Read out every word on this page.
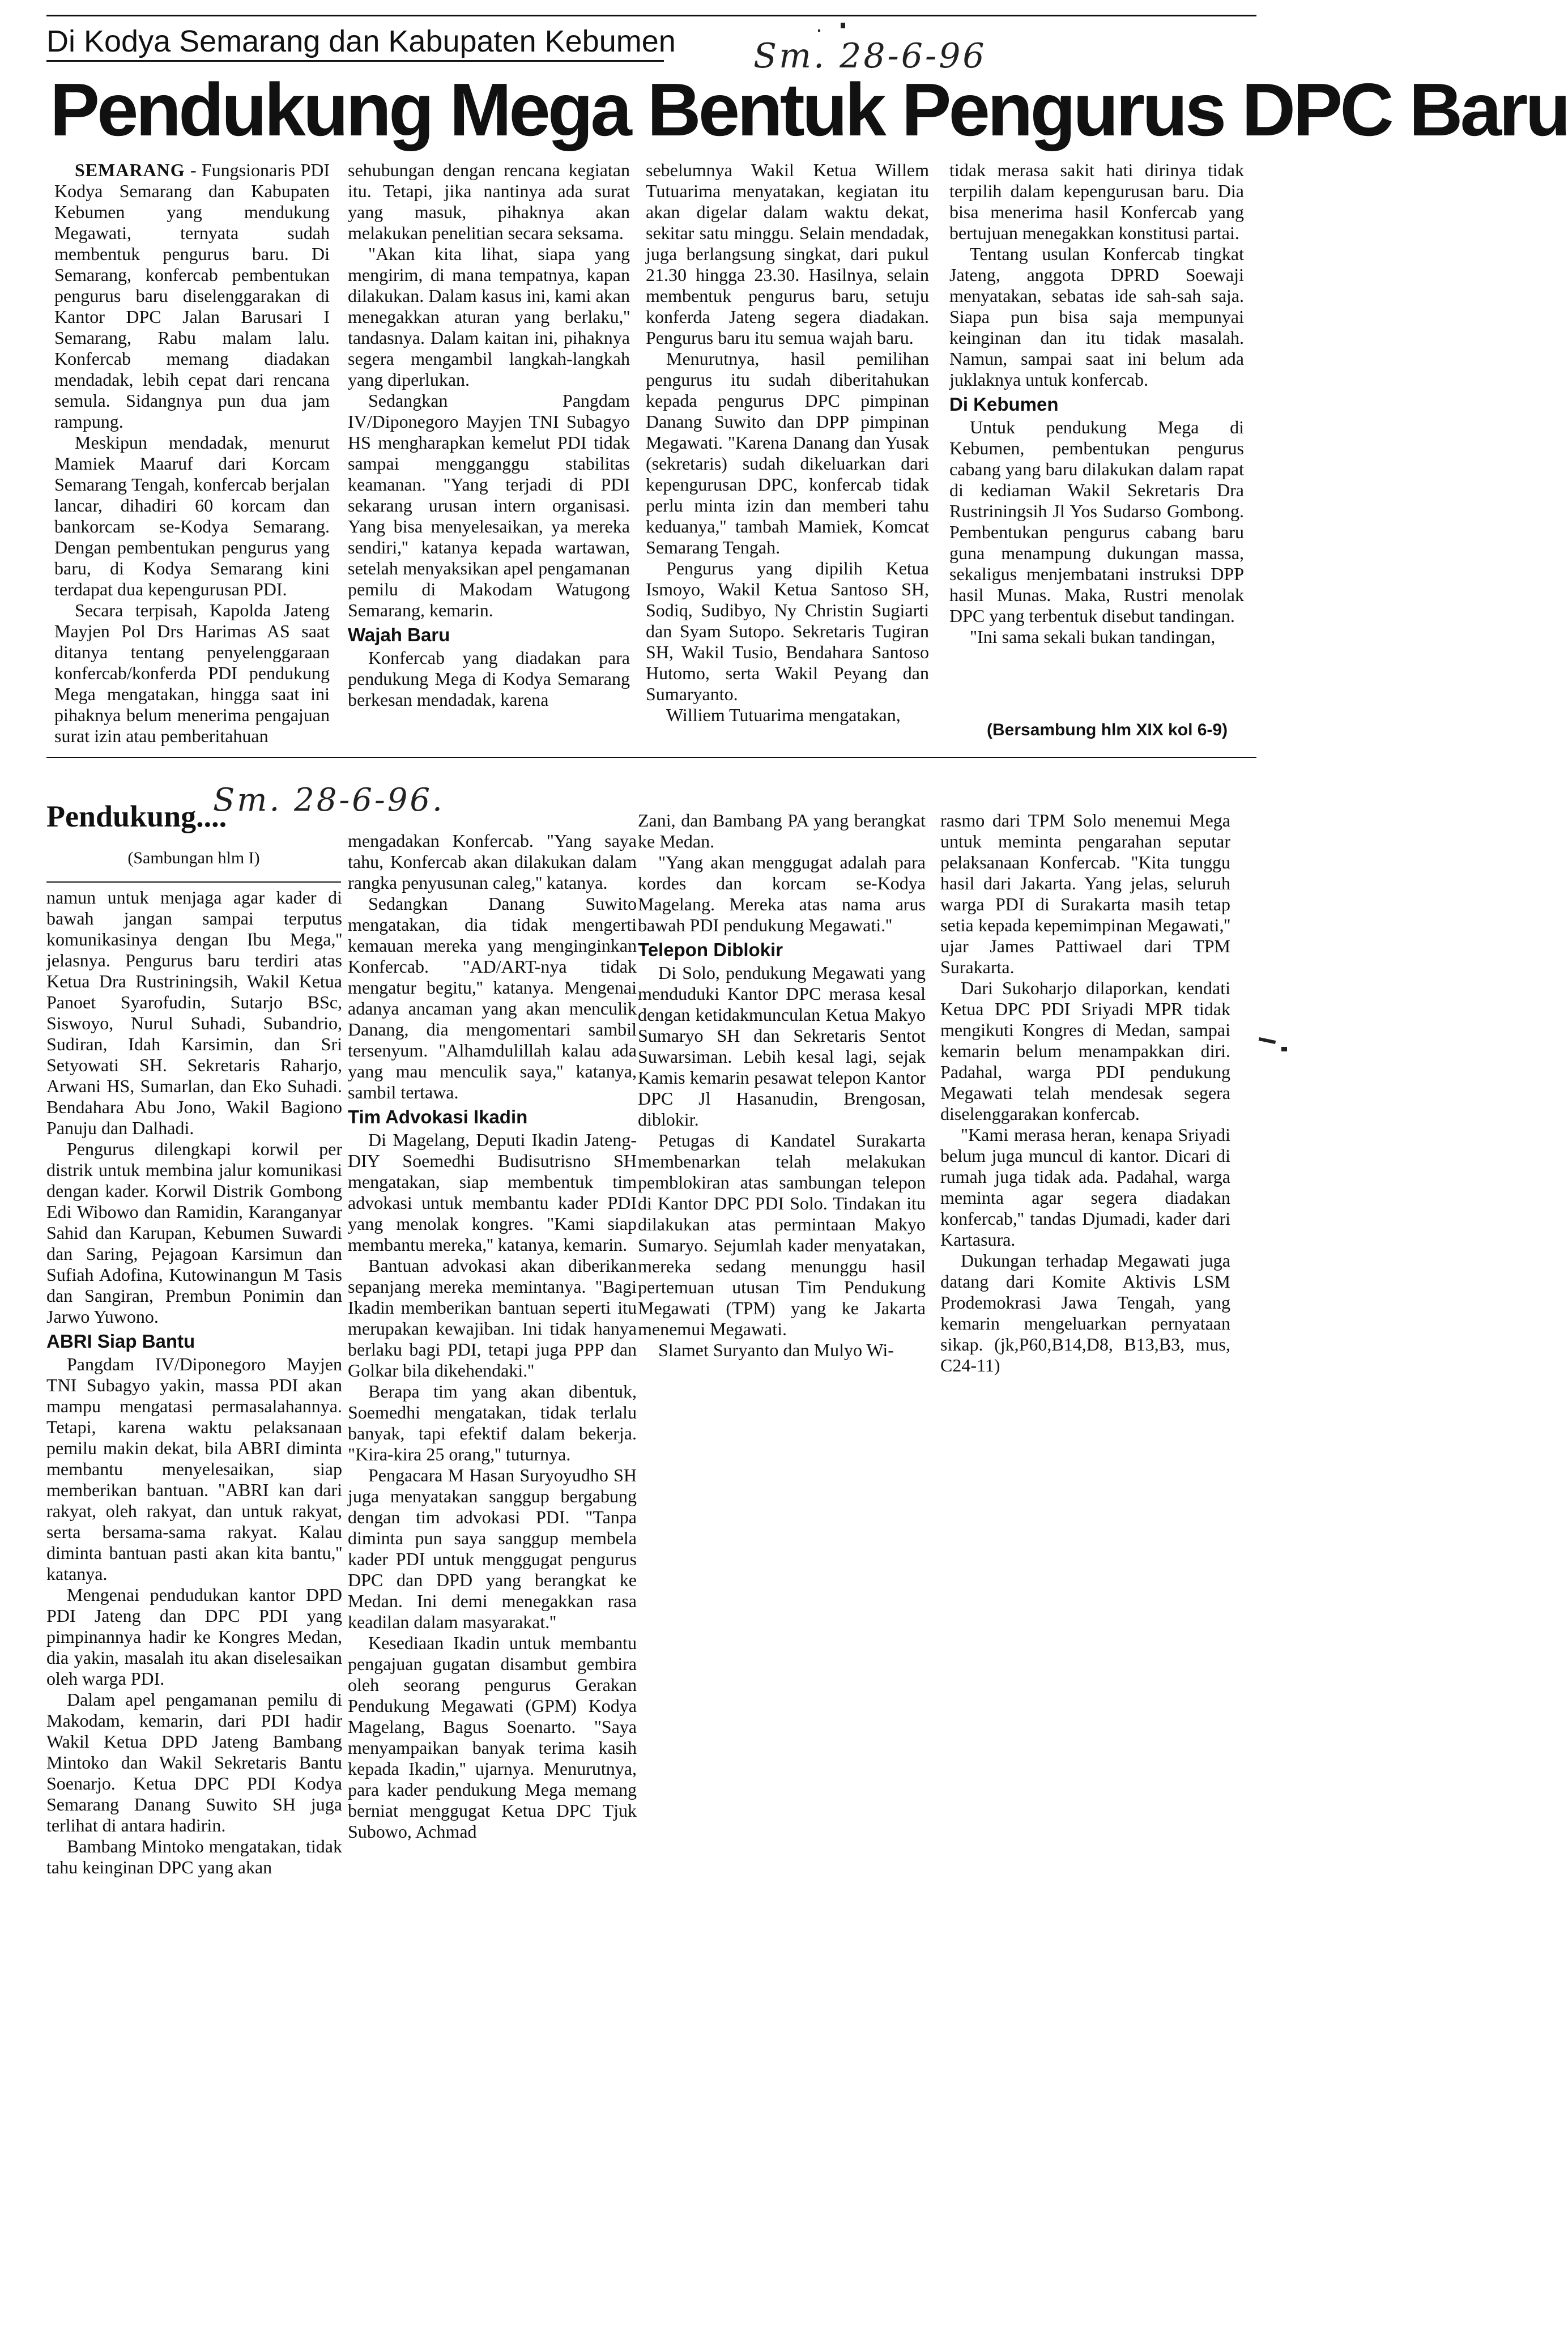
Di Kodya Semarang dan Kabupaten Kebumen Sm. 28-6-96
Pendukung Mega Bentuk Pengurus DPC Baru

SEMARANG - Fungsionaris PDI Kodya Semarang dan Kabupaten Kebumen yang mendukung Megawati, ternyata sudah membentuk pengurus baru. Di Semarang, konfercab pembentukan pengurus baru diselenggarakan di Kantor DPC Jalan Barusari I Semarang, Rabu malam lalu. Konfercab memang diadakan mendadak, lebih cepat dari rencana semula. Sidangnya pun dua jam rampung.

Meskipun mendadak, menurut Mamiek Maaruf dari Korcam Semarang Tengah, konfercab berjalan lancar, dihadiri 60 korcam dan bankorcam se-Kodya Semarang. Dengan pembentukan pengurus yang baru, di Kodya Semarang kini terdapat dua kepengurusan PDI.

Secara terpisah, Kapolda Jateng Mayjen Pol Drs Harimas AS saat ditanya tentang penyelenggaraan konfercab/konferda PDI pendukung Mega mengatakan, hingga saat ini pihaknya belum menerima pengajuan surat izin atau pemberitahuan

sehubungan dengan rencana kegiatan itu. Tetapi, jika nantinya ada surat yang masuk, pihaknya akan melakukan penelitian secara seksama.

"Akan kita lihat, siapa yang mengirim, di mana tempatnya, kapan dilakukan. Dalam kasus ini, kami akan menegakkan aturan yang berlaku,'' tandasnya. Dalam kaitan ini, pihaknya segera mengambil langkah-langkah yang diperlukan.

Sedangkan Pangdam IV/Diponegoro Mayjen TNI Subagyo HS mengharapkan kemelut PDI tidak sampai mengganggu stabilitas keamanan. "Yang terjadi di PDI sekarang urusan intern organisasi. Yang bisa menyelesaikan, ya mereka sendiri,'' katanya kepada wartawan, setelah menyaksikan apel pengamanan pemilu di Makodam Watugong Semarang, kemarin.

Wajah Baru

Konfercab yang diadakan para pendukung Mega di Kodya Semarang berkesan mendadak, karena

sebelumnya Wakil Ketua Willem Tutuarima menyatakan, kegiatan itu akan digelar dalam waktu dekat, sekitar satu minggu. Selain mendadak, juga berlangsung singkat, dari pukul 21.30 hingga 23.30. Hasilnya, selain membentuk pengurus baru, setuju konferda Jateng segera diadakan. Pengurus baru itu semua wajah baru.

Menurutnya, hasil pemilihan pengurus itu sudah diberitahukan kepada pengurus DPC pimpinan Danang Suwito dan DPP pimpinan Megawati. "Karena Danang dan Yusak (sekretaris) sudah dikeluarkan dari kepengurusan DPC, konfercab tidak perlu minta izin dan memberi tahu keduanya,'' tambah Mamiek, Komcat Semarang Tengah.

Pengurus yang dipilih Ketua Ismoyo, Wakil Ketua Santoso SH, Sodiq, Sudibyo, Ny Christin Sugiarti dan Syam Sutopo. Sekretaris Tugiran SH, Wakil Tusio, Bendahara Santoso Hutomo, serta Wakil Peyang dan Sumaryanto.

Williem Tutuarima mengatakan,

tidak merasa sakit hati dirinya tidak terpilih dalam kepengurusan baru. Dia bisa menerima hasil Konfercab yang bertujuan menegakkan konstitusi partai.

Tentang usulan Konfercab tingkat Jateng, anggota DPRD Soewaji menyatakan, sebatas ide sah-sah saja. Siapa pun bisa saja mempunyai keinginan dan itu tidak masalah. Namun, sampai saat ini belum ada juklaknya untuk konfercab.

Di Kebumen

Untuk pendukung Mega di Kebumen, pembentukan pengurus cabang yang baru dilakukan dalam rapat di kediaman Wakil Sekretaris Dra Rustriningsih Jl Yos Sudarso Gombong. Pembentukan pengurus cabang baru guna menampung dukungan massa, sekaligus menjembatani instruksi DPP hasil Munas. Maka, Rustri menolak DPC yang terbentuk disebut tandingan.

"Ini sama sekali bukan tandingan,

(Bersambung hlm XIX kol 6-9)
Pendukung....
Sm. 28-6-96.
(Sambungan hlm I)

namun untuk menjaga agar kader di bawah jangan sampai terputus komunikasinya dengan Ibu Mega,'' jelasnya. Pengurus baru terdiri atas Ketua Dra Rustriningsih, Wakil Ketua Panoet Syarofudin, Sutarjo BSc, Siswoyo, Nurul Suhadi, Subandrio, Sudiran, Idah Karsimin, dan Sri Setyowati SH. Sekretaris Raharjo, Arwani HS, Sumarlan, dan Eko Suhadi. Bendahara Abu Jono, Wakil Bagiono Panuju dan Dalhadi.

Pengurus dilengkapi korwil per distrik untuk membina jalur komunikasi dengan kader. Korwil Distrik Gombong Edi Wibowo dan Ramidin, Karanganyar Sahid dan Karupan, Kebumen Suwardi dan Saring, Pejagoan Karsimun dan Sufiah Adofina, Kutowinangun M Tasis dan Sangiran, Prembun Ponimin dan Jarwo Yuwono.

ABRI Siap Bantu

Pangdam IV/Diponegoro Mayjen TNI Subagyo yakin, massa PDI akan mampu mengatasi permasalahannya. Tetapi, karena waktu pelaksanaan pemilu makin dekat, bila ABRI diminta membantu menyelesaikan, siap memberikan bantuan. "ABRI kan dari rakyat, oleh rakyat, dan untuk rakyat, serta bersama-sama rakyat. Kalau diminta bantuan pasti akan kita bantu,'' katanya.

Mengenai pendudukan kantor DPD PDI Jateng dan DPC PDI yang pimpinannya hadir ke Kongres Medan, dia yakin, masalah itu akan diselesaikan oleh warga PDI.

Dalam apel pengamanan pemilu di Makodam, kemarin, dari PDI hadir Wakil Ketua DPD Jateng Bambang Mintoko dan Wakil Sekretaris Bantu Soenarjo. Ketua DPC PDI Kodya Semarang Danang Suwito SH juga terlihat di antara hadirin.

Bambang Mintoko mengatakan, tidak tahu keinginan DPC yang akan

mengadakan Konfercab. "Yang saya tahu, Konfercab akan dilakukan dalam rangka penyusunan caleg,'' katanya.

Sedangkan Danang Suwito mengatakan, dia tidak mengerti kemauan mereka yang menginginkan Konfercab. "AD/ART-nya tidak mengatur begitu,'' katanya. Mengenai adanya ancaman yang akan menculik Danang, dia mengomentari sambil tersenyum. "Alhamdulillah kalau ada yang mau menculik saya,'' katanya, sambil tertawa.

Tim Advokasi Ikadin

Di Magelang, Deputi Ikadin Jateng-DIY Soemedhi Budisutrisno SH mengatakan, siap membentuk tim advokasi untuk membantu kader PDI yang menolak kongres. "Kami siap membantu mereka,'' katanya, kemarin.

Bantuan advokasi akan diberikan sepanjang mereka memintanya. "Bagi Ikadin memberikan bantuan seperti itu merupakan kewajiban. Ini tidak hanya berlaku bagi PDI, tetapi juga PPP dan Golkar bila dikehendaki.''

Berapa tim yang akan dibentuk, Soemedhi mengatakan, tidak terlalu banyak, tapi efektif dalam bekerja. "Kira-kira 25 orang,'' tuturnya.

Pengacara M Hasan Suryoyudho SH juga menyatakan sanggup bergabung dengan tim advokasi PDI. "Tanpa diminta pun saya sanggup membela kader PDI untuk menggugat pengurus DPC dan DPD yang berangkat ke Medan. Ini demi menegakkan rasa keadilan dalam masyarakat.''

Kesediaan Ikadin untuk membantu pengajuan gugatan disambut gembira oleh seorang pengurus Gerakan Pendukung Megawati (GPM) Kodya Magelang, Bagus Soenarto. "Saya menyampaikan banyak terima kasih kepada Ikadin,'' ujarnya. Menurutnya, para kader pendukung Mega memang berniat menggugat Ketua DPC Tjuk Subowo, Achmad

Zani, dan Bambang PA yang berangkat ke Medan.

"Yang akan menggugat adalah para kordes dan korcam se-Kodya Magelang. Mereka atas nama arus bawah PDI pendukung Megawati.''

Telepon Diblokir

Di Solo, pendukung Megawati yang menduduki Kantor DPC merasa kesal dengan ketidakmunculan Ketua Makyo Sumaryo SH dan Sekretaris Sentot Suwarsiman. Lebih kesal lagi, sejak Kamis kemarin pesawat telepon Kantor DPC Jl Hasanudin, Brengosan, diblokir.

Petugas di Kandatel Surakarta membenarkan telah melakukan pemblokiran atas sambungan telepon di Kantor DPC PDI Solo. Tindakan itu dilakukan atas permintaan Makyo Sumaryo. Sejumlah kader menyatakan, mereka sedang menunggu hasil pertemuan utusan Tim Pendukung Megawati (TPM) yang ke Jakarta menemui Megawati.

Slamet Suryanto dan Mulyo Wi-

rasmo dari TPM Solo menemui Mega untuk meminta pengarahan seputar pelaksanaan Konfercab. "Kita tunggu hasil dari Jakarta. Yang jelas, seluruh warga PDI di Surakarta masih tetap setia kepada kepemimpinan Megawati,'' ujar James Pattiwael dari TPM Surakarta.

Dari Sukoharjo dilaporkan, kendati Ketua DPC PDI Sriyadi MPR tidak mengikuti Kongres di Medan, sampai kemarin belum menampakkan diri. Padahal, warga PDI pendukung Megawati telah mendesak segera diselenggarakan konfercab.

"Kami merasa heran, kenapa Sriyadi belum juga muncul di kantor. Dicari di rumah juga tidak ada. Padahal, warga meminta agar segera diadakan konfercab,'' tandas Djumadi, kader dari Kartasura.

Dukungan terhadap Megawati juga datang dari Komite Aktivis LSM Prodemokrasi Jawa Tengah, yang kemarin mengeluarkan pernyataan sikap. (jk,P60,B14,D8, B13,B3, mus, C24-11)
